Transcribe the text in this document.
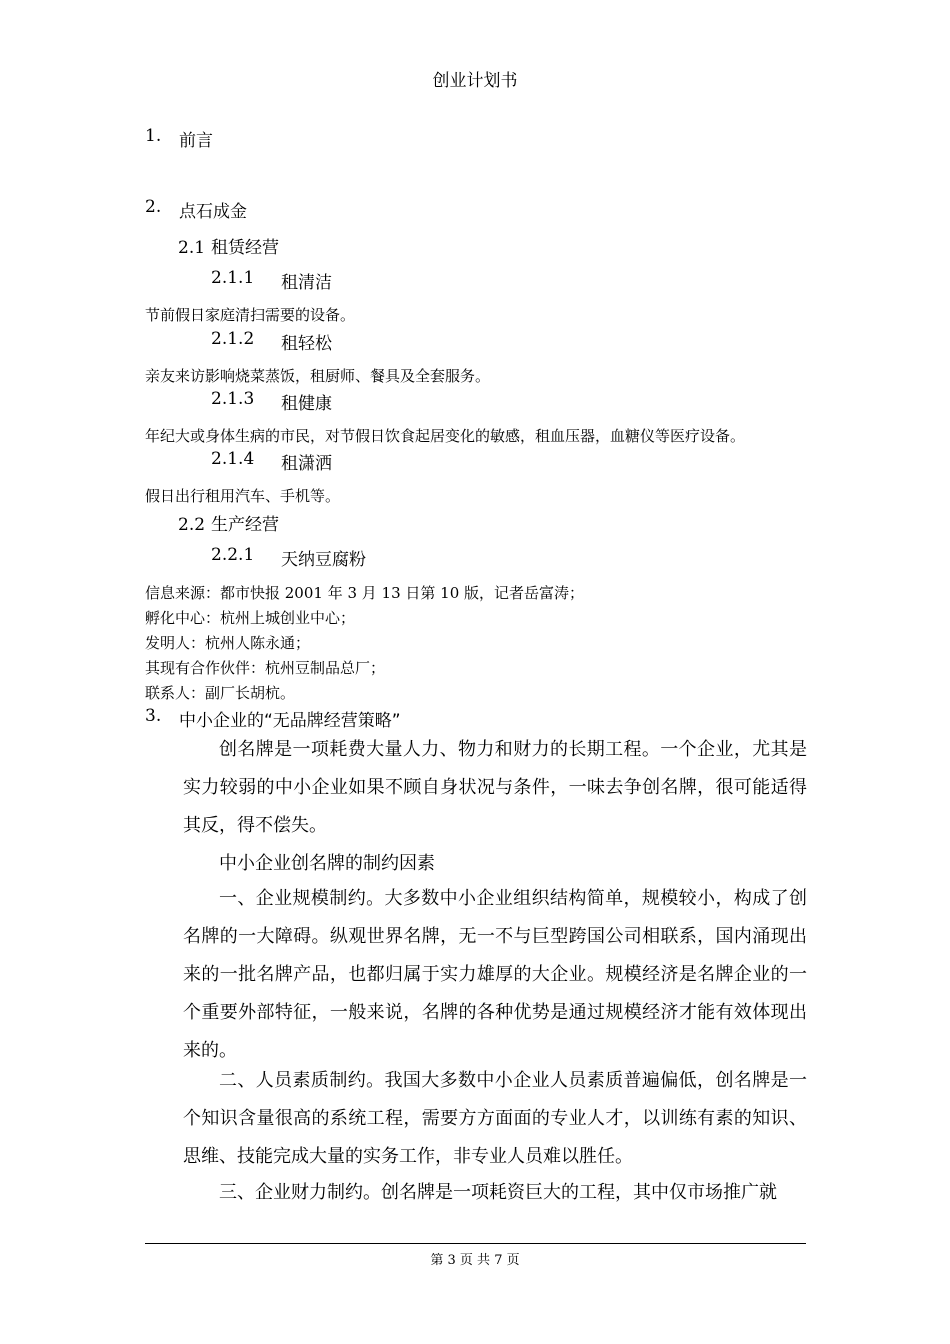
创业计划书
1. 前言
2. 点石成金
2.1 租赁经营
2.1.1 租清洁
节前假日家庭清扫需要的设备。
2.1.2 租轻松
亲友来访影响烧菜蒸饭，租厨师、餐具及全套服务。
2.1.3 租健康
年纪大或身体生病的市民，对节假日饮食起居变化的敏感，租血压器，血糖仪等医疗设备。
2.1.4 租潇洒
假日出行租用汽车、手机等。
2.2 生产经营
2.2.1 天纳豆腐粉
信息来源：都市快报 2001 年 3 月 13 日第 10 版，记者岳富涛；
孵化中心：杭州上城创业中心；
发明人：杭州人陈永通；
其现有合作伙伴：杭州豆制品总厂；
联系人：副厂长胡杭。
3. 中小企业的“无品牌经营策略”
创名牌是一项耗费大量人力、物力和财力的长期工程。一个企业，尤其是实力较弱的中小企业如果不顾自身状况与条件，一味去争创名牌，很可能适得其反，得不偿失。
中小企业创名牌的制约因素
一、企业规模制约。大多数中小企业组织结构简单，规模较小，构成了创名牌的一大障碍。纵观世界名牌，无一不与巨型跨国公司相联系，国内涌现出来的一批名牌产品，也都归属于实力雄厚的大企业。规模经济是名牌企业的一个重要外部特征，一般来说，名牌的各种优势是通过规模经济才能有效体现出来的。
二、人员素质制约。我国大多数中小企业人员素质普遍偏低，创名牌是一个知识含量很高的系统工程，需要方方面面的专业人才，以训练有素的知识、思维、技能完成大量的实务工作，非专业人员难以胜任。
三、企业财力制约。创名牌是一项耗资巨大的工程，其中仅市场推广就
第 3 页 共 7 页
